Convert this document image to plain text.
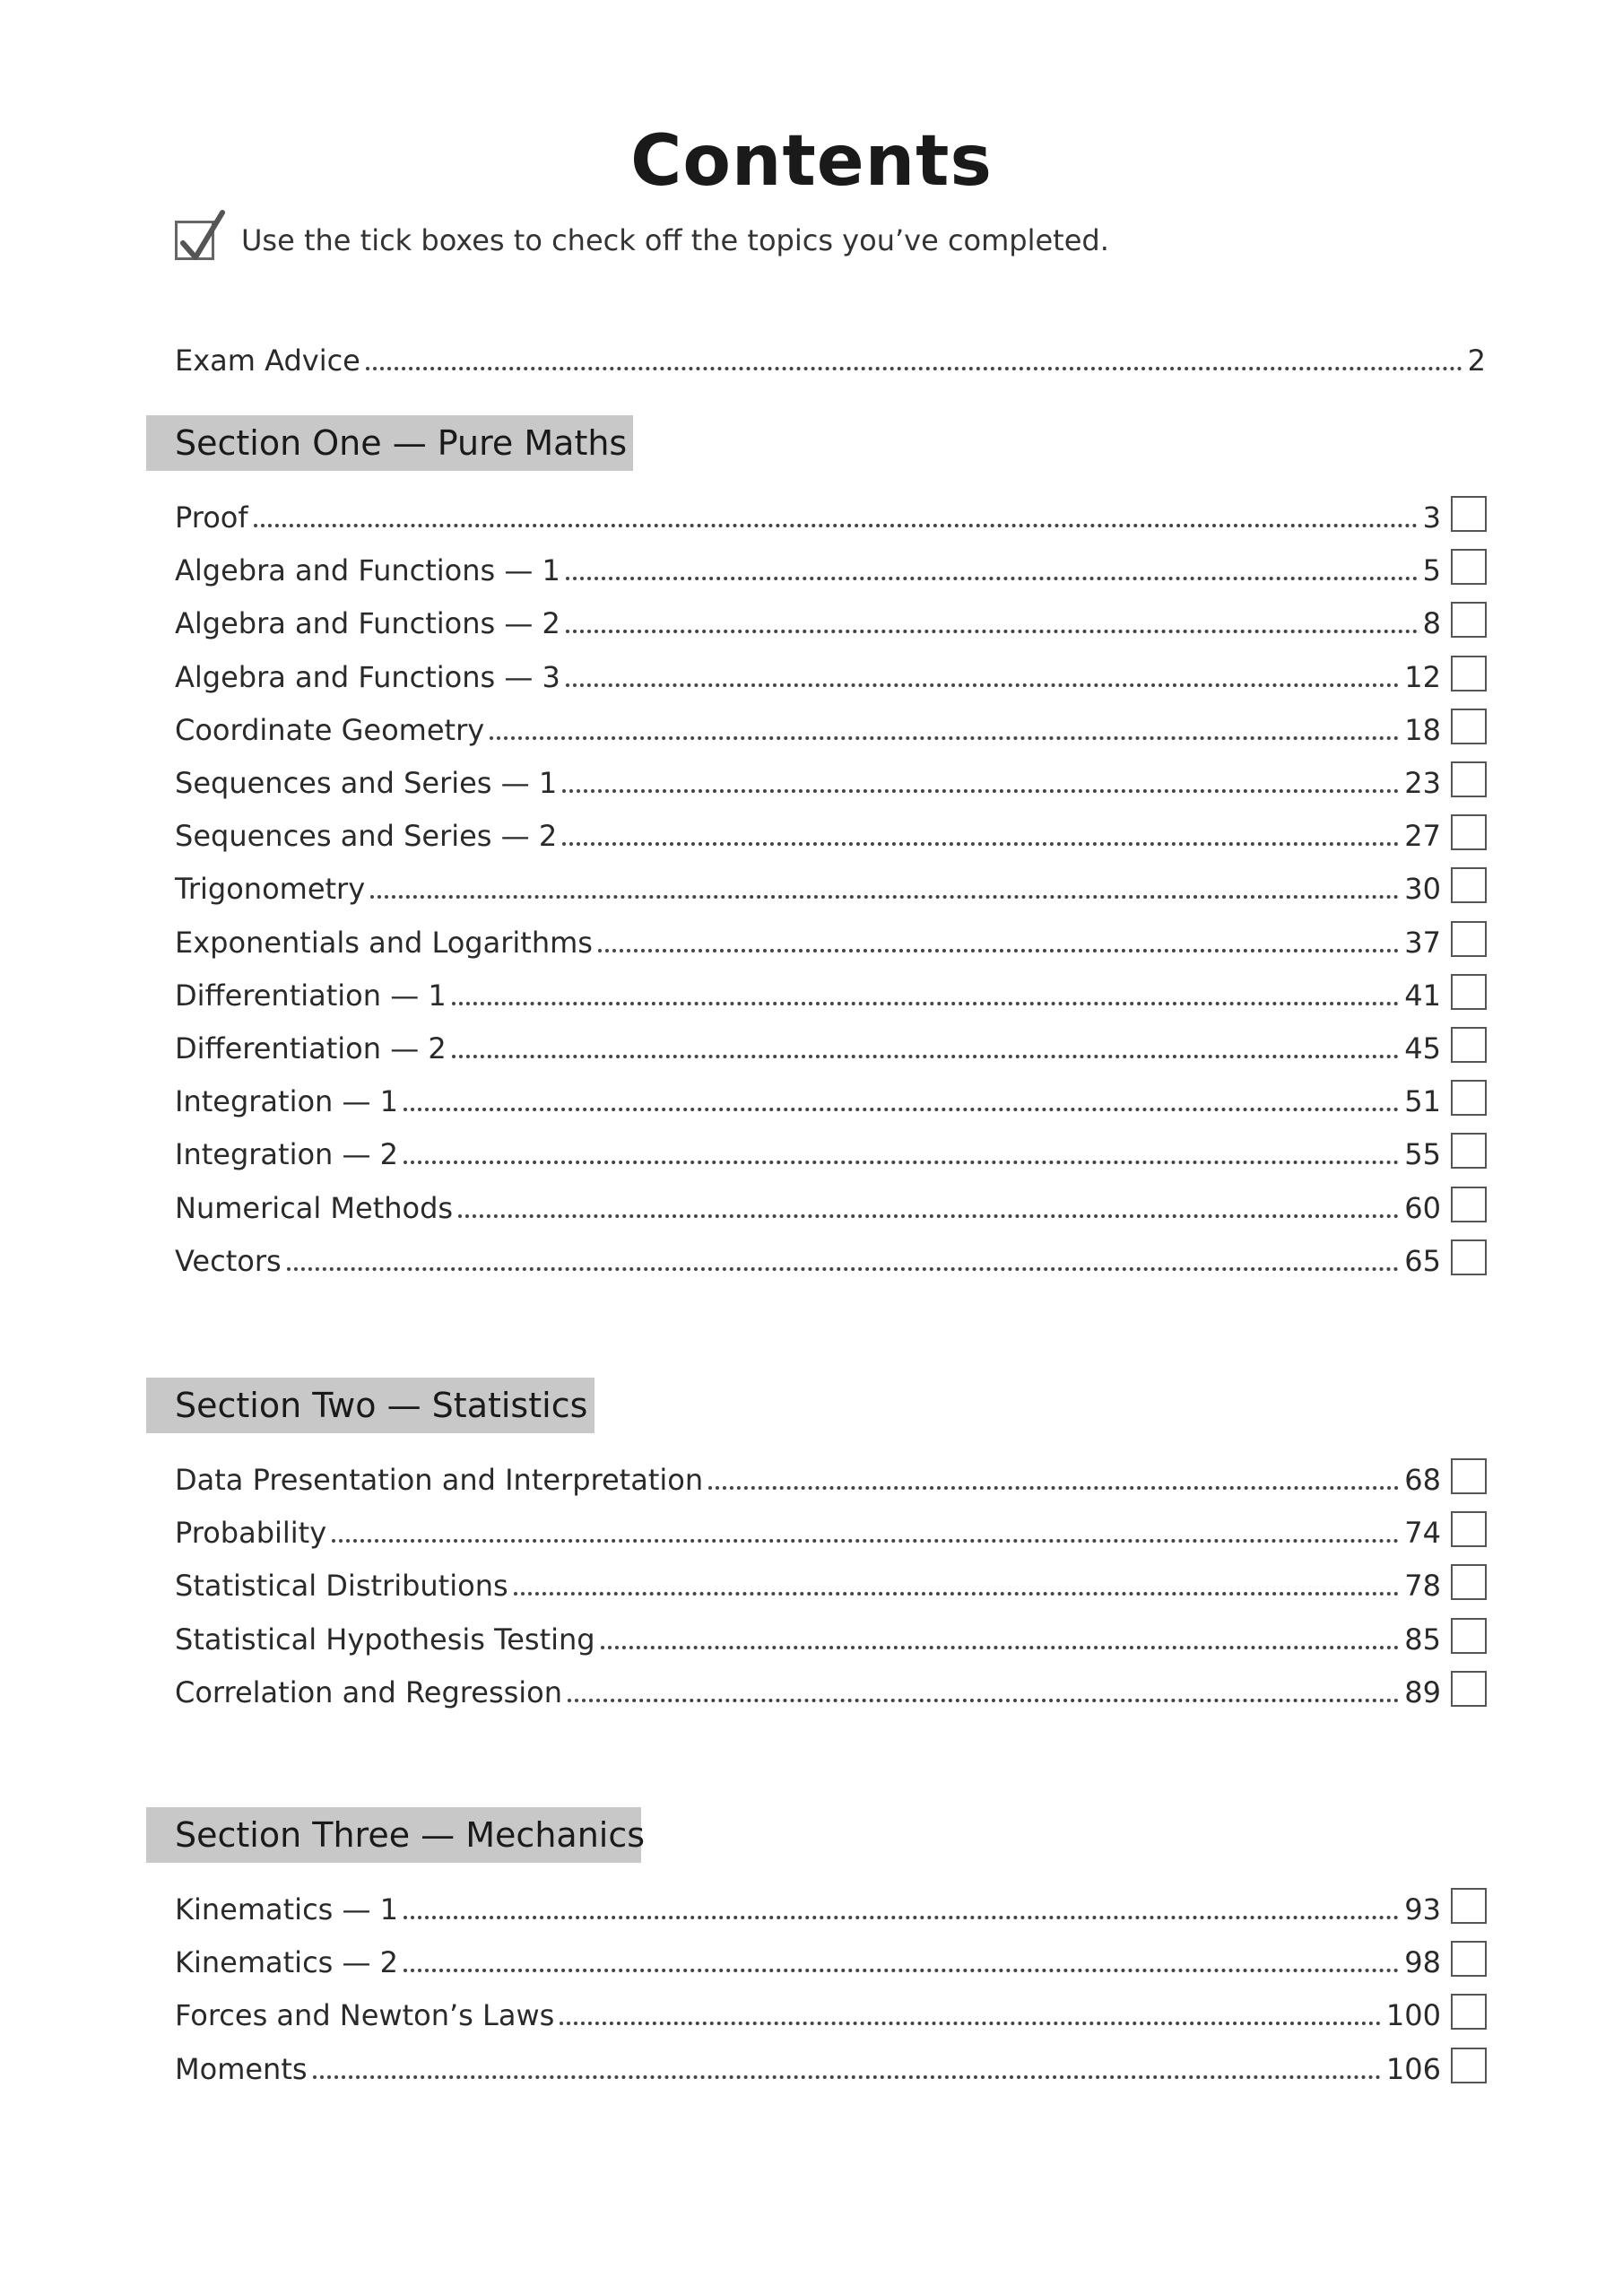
Contents
Use the tick boxes to check off the topics you’ve completed.
Exam Advice	2
Section One — Pure Maths
Proof	3
Algebra and Functions — 1	5
Algebra and Functions — 2	8
Algebra and Functions — 3	12
Coordinate Geometry	18
Sequences and Series — 1	23
Sequences and Series — 2	27
Trigonometry	30
Exponentials and Logarithms	37
Differentiation — 1	41
Differentiation — 2	45
Integration — 1	51
Integration — 2	55
Numerical Methods	60
Vectors	65
Section Two — Statistics
Data Presentation and Interpretation	68
Probability	74
Statistical Distributions	78
Statistical Hypothesis Testing	85
Correlation and Regression	89
Section Three — Mechanics
Kinematics — 1	93
Kinematics — 2	98
Forces and Newton’s Laws	100
Moments	106
